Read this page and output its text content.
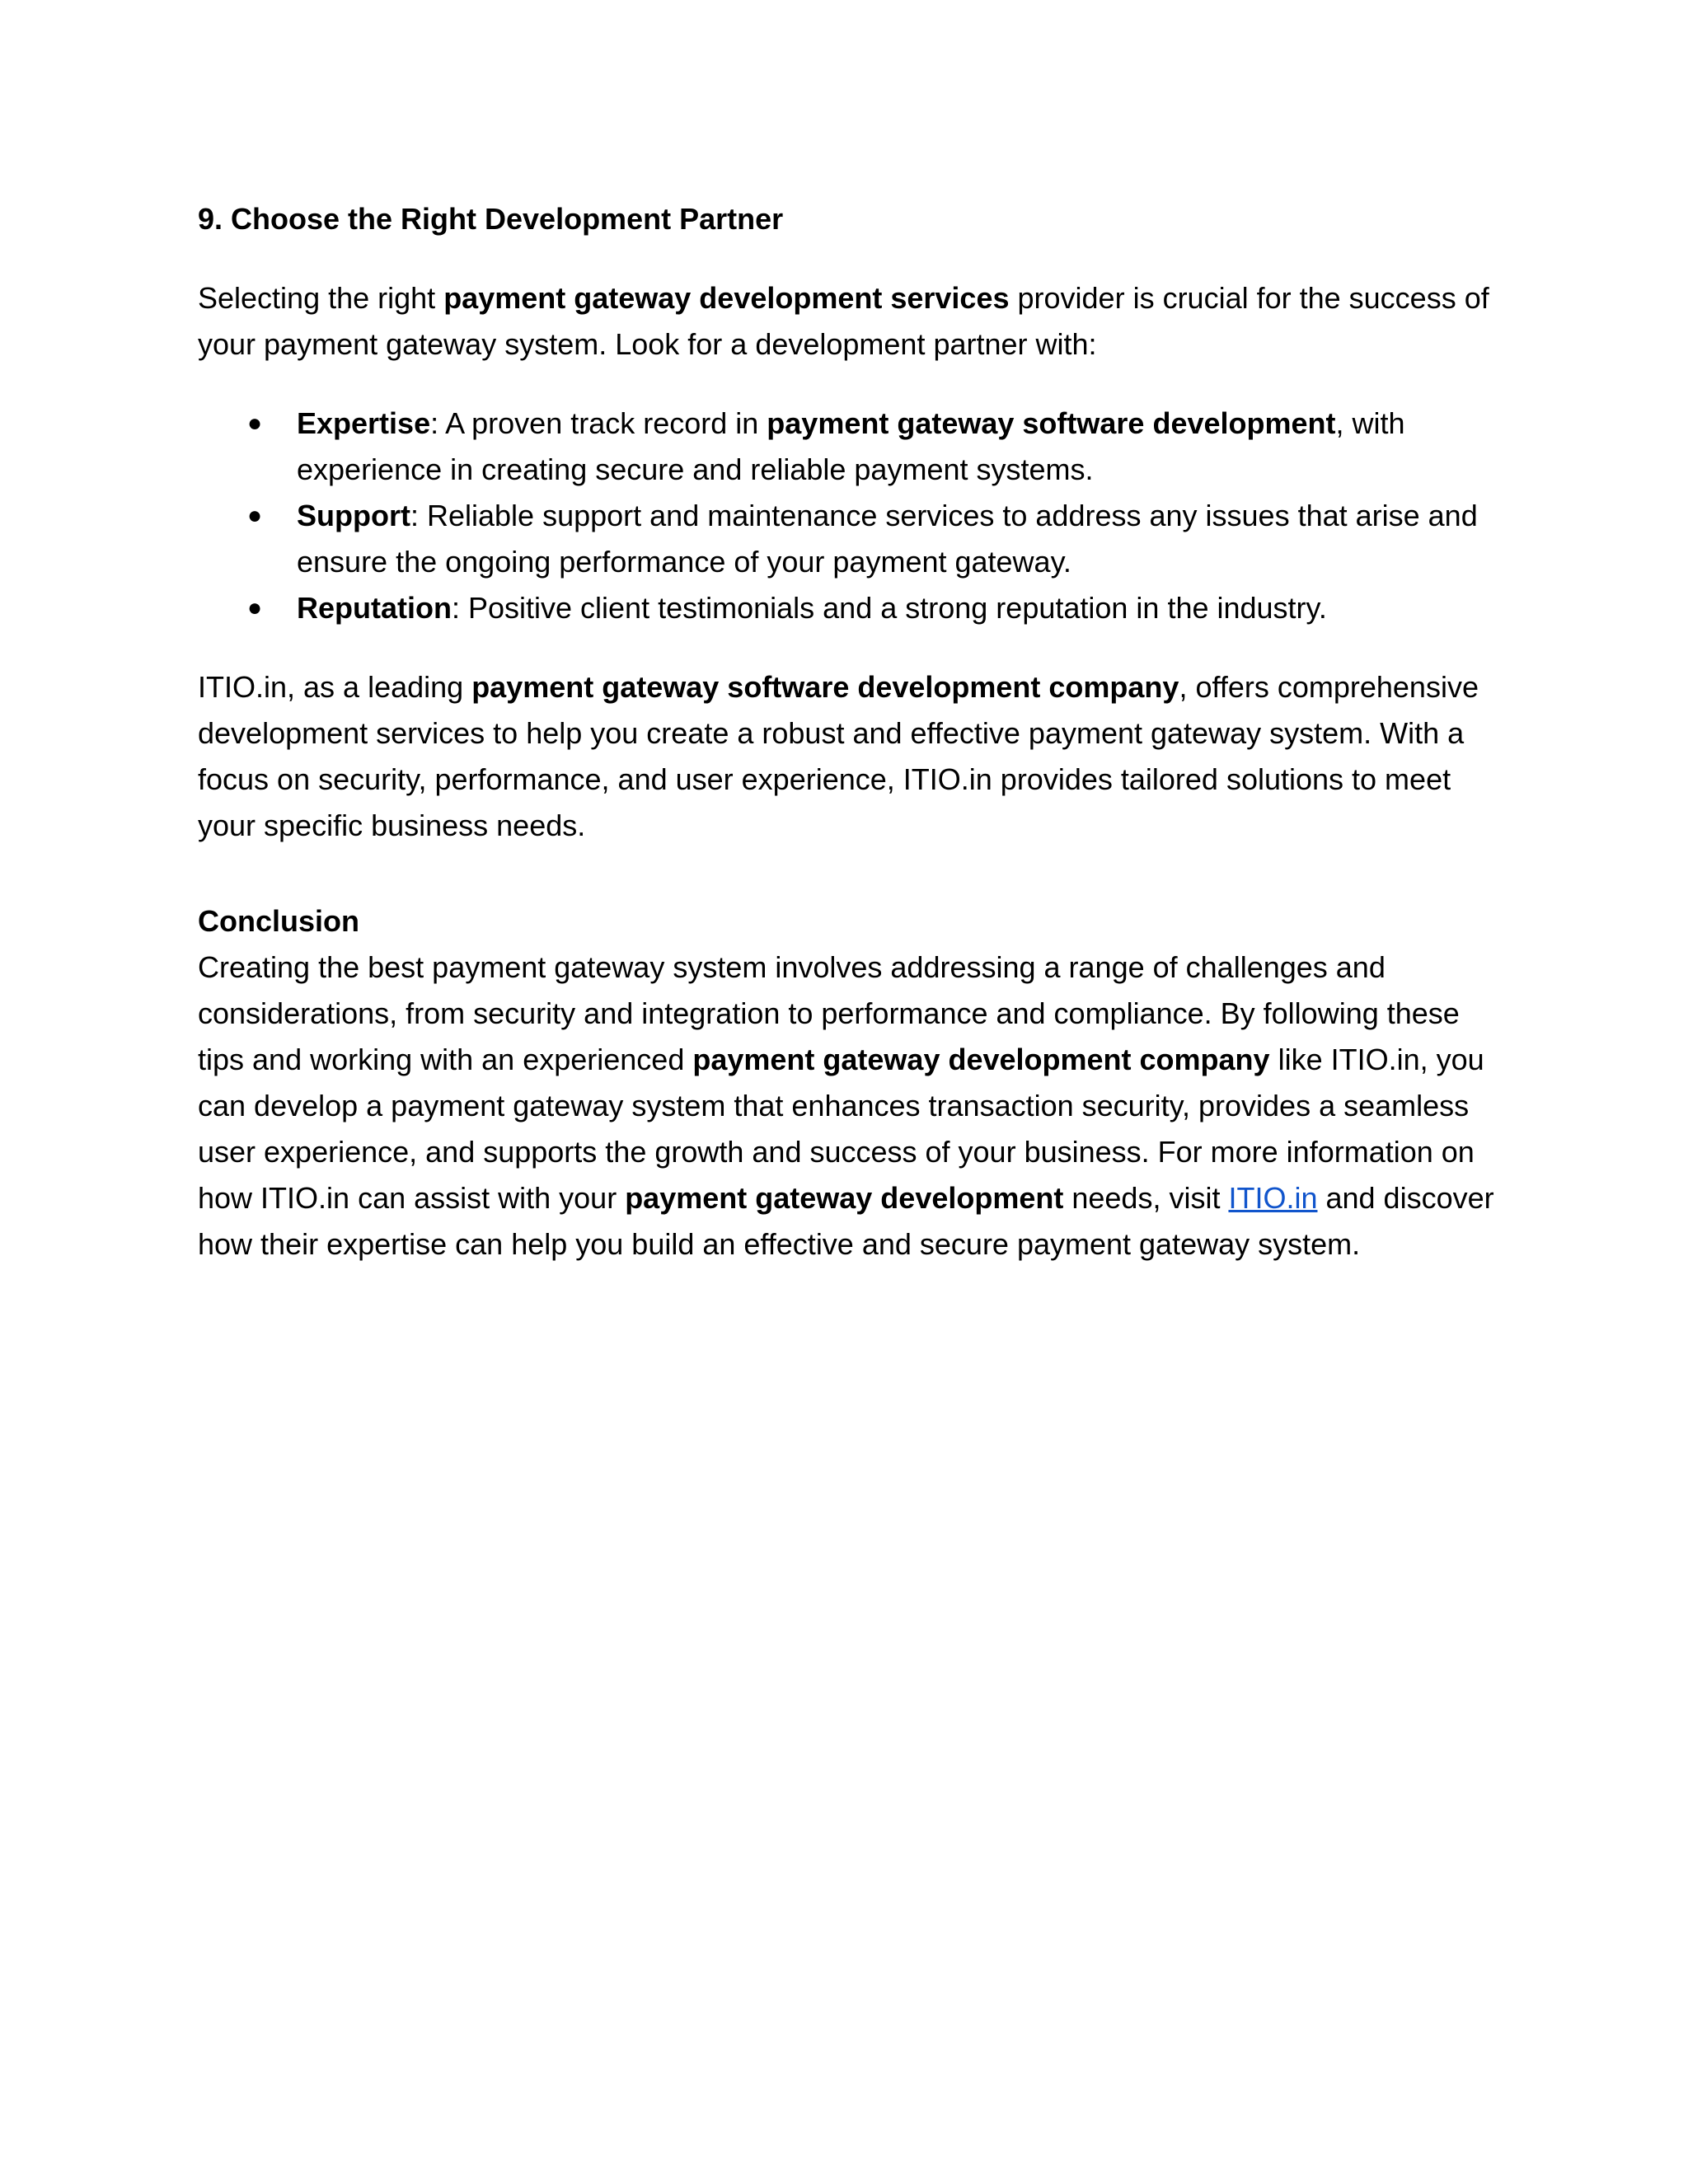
9. Choose the Right Development Partner

Selecting the right payment gateway development services provider is crucial for the success of your payment gateway system. Look for a development partner with:

● Expertise: A proven track record in payment gateway software development, with experience in creating secure and reliable payment systems.
● Support: Reliable support and maintenance services to address any issues that arise and ensure the ongoing performance of your payment gateway.
● Reputation: Positive client testimonials and a strong reputation in the industry.

ITIO.in, as a leading payment gateway software development company, offers comprehensive development services to help you create a robust and effective payment gateway system. With a focus on security, performance, and user experience, ITIO.in provides tailored solutions to meet your specific business needs.

Conclusion

Creating the best payment gateway system involves addressing a range of challenges and considerations, from security and integration to performance and compliance. By following these tips and working with an experienced payment gateway development company like ITIO.in, you can develop a payment gateway system that enhances transaction security, provides a seamless user experience, and supports the growth and success of your business. For more information on how ITIO.in can assist with your payment gateway development needs, visit ITIO.in and discover how their expertise can help you build an effective and secure payment gateway system.
